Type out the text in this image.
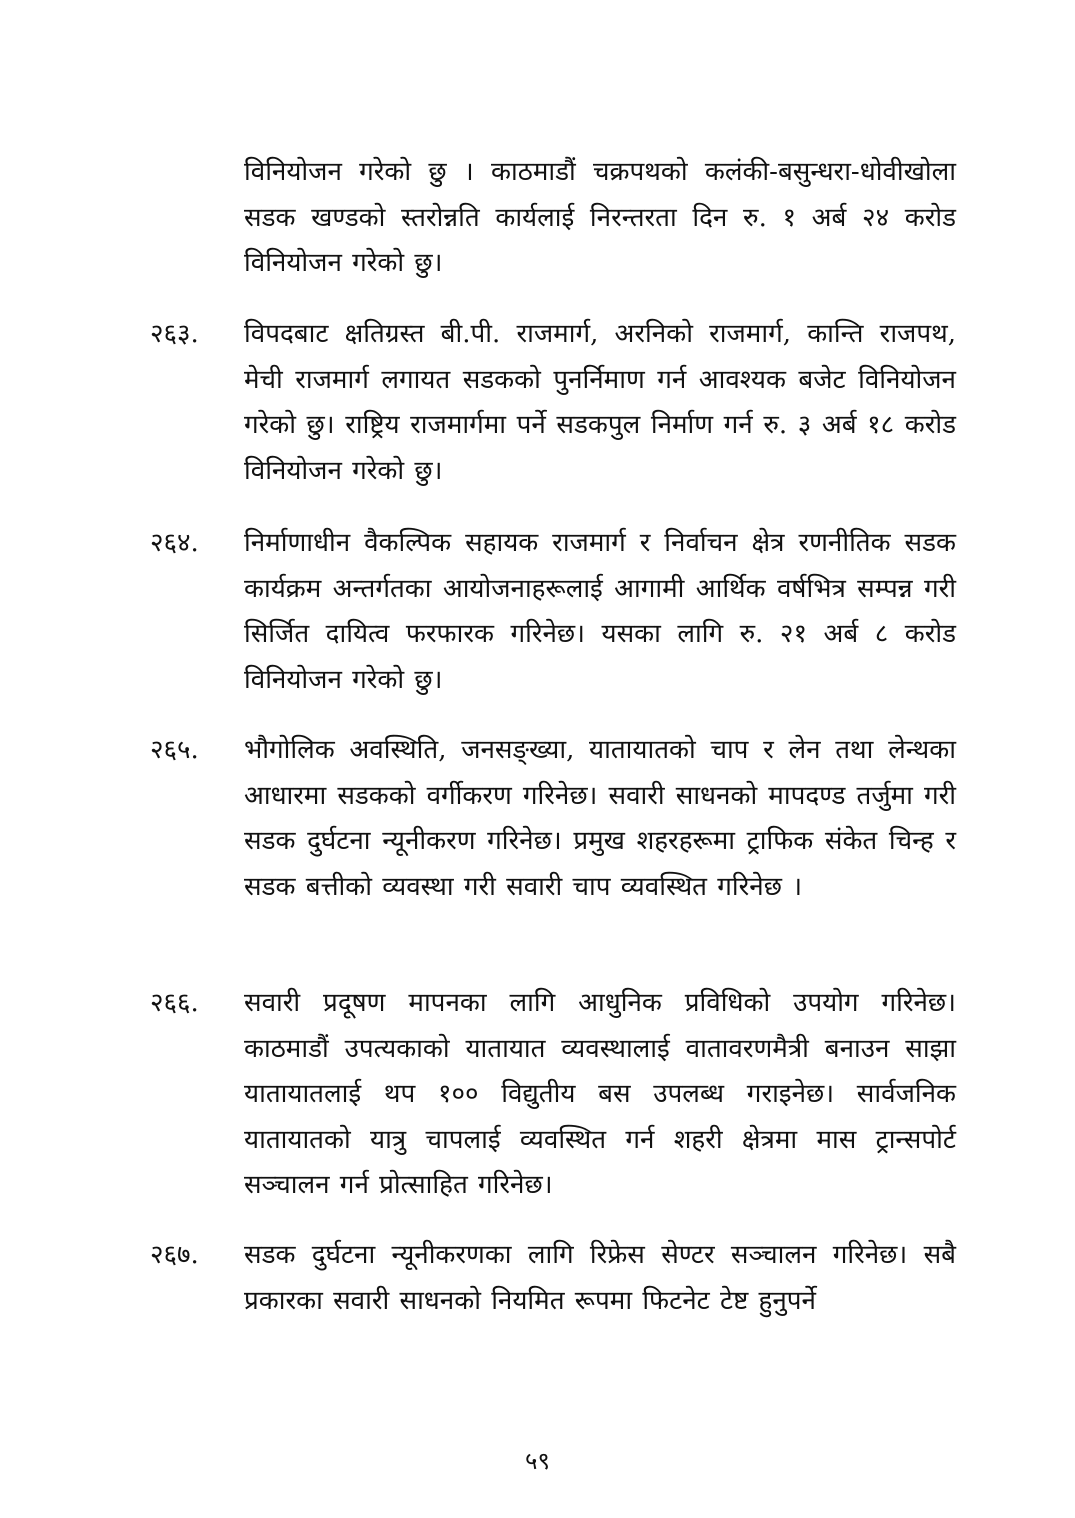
विनियोजन गरेको छु । काठमाडौं चक्रपथको कलंकी-बसुन्धरा-धोवीखोला सडक खण्डको स्तरोन्नति कार्यलाई निरन्तरता दिन रु. १ अर्ब २४ करोड विनियोजन गरेको छु।

२६३.	विपदबाट क्षतिग्रस्त बी.पी. राजमार्ग, अरनिको राजमार्ग, कान्ति राजपथ, मेची राजमार्ग लगायत सडकको पुनर्निमाण गर्न आवश्यक बजेट विनियोजन गरेको छु। राष्ट्रिय राजमार्गमा पर्ने सडकपुल निर्माण गर्न रु. ३ अर्ब १८ करोड विनियोजन गरेको छु।

२६४.	निर्माणाधीन वैकल्पिक सहायक राजमार्ग र निर्वाचन क्षेत्र रणनीतिक सडक कार्यक्रम अन्तर्गतका आयोजनाहरूलाई आगामी आर्थिक वर्षभित्र सम्पन्न गरी सिर्जित दायित्व फरफारक गरिनेछ। यसका लागि रु. २१ अर्ब ८ करोड विनियोजन गरेको छु।

२६५.	भौगोलिक अवस्थिति, जनसङ्ख्या, यातायातको चाप र लेन तथा लेन्थका आधारमा सडकको वर्गीकरण गरिनेछ। सवारी साधनको मापदण्ड तर्जुमा गरी सडक दुर्घटना न्यूनीकरण गरिनेछ। प्रमुख शहरहरूमा ट्राफिक संकेत चिन्ह र सडक बत्तीको व्यवस्था गरी सवारी चाप व्यवस्थित गरिनेछ ।

२६६.	सवारी प्रदूषण मापनका लागि आधुनिक प्रविधिको उपयोग गरिनेछ। काठमाडौं उपत्यकाको यातायात व्यवस्थालाई वातावरणमैत्री बनाउन साझा यातायातलाई थप १०० विद्युतीय बस उपलब्ध गराइनेछ। सार्वजनिक यातायातको यात्रु चापलाई व्यवस्थित गर्न शहरी क्षेत्रमा मास ट्रान्सपोर्ट सञ्चालन गर्न प्रोत्साहित गरिनेछ।

२६७.	सडक दुर्घटना न्यूनीकरणका लागि रिफ्रेस सेण्टर सञ्चालन गरिनेछ। सबै प्रकारका सवारी साधनको नियमित रूपमा फिटनेट टेष्ट हुनुपर्ने

५९
